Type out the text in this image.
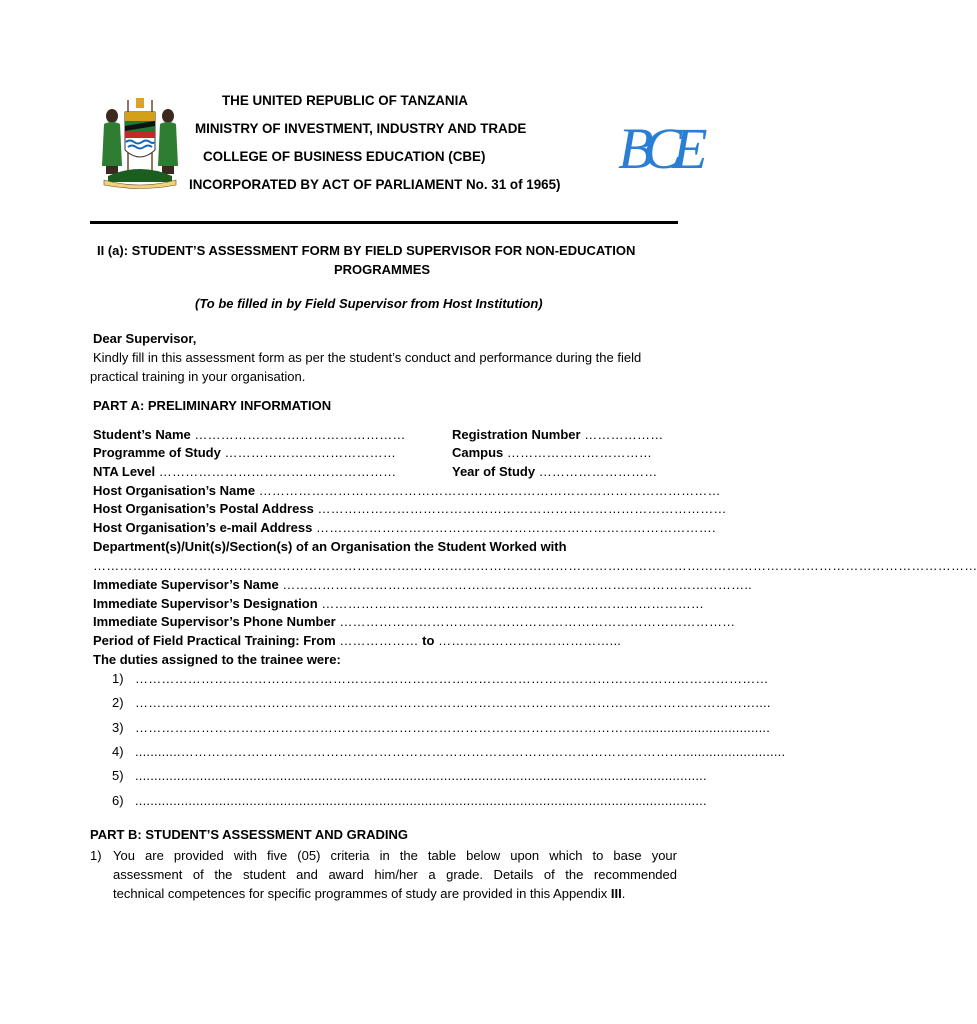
BCE
THE UNITED REPUBLIC OF TANZANIA
MINISTRY OF INVESTMENT, INDUSTRY AND TRADE
COLLEGE OF BUSINESS EDUCATION (CBE)
INCORPORATED BY ACT OF PARLIAMENT No. 31 of 1965)
II (a): STUDENT’S ASSESSMENT FORM BY FIELD SUPERVISOR FOR NON-EDUCATION
PROGRAMMES
(To be filled in by Field Supervisor from Host Institution)
Dear Supervisor,
Kindly fill in this assessment form as per the student’s conduct and performance during the field
practical training in your organisation.
PART A: PRELIMINARY INFORMATION
Student’s Name …………………………………………	Registration Number ………………
Programme of Study …………………………………	Campus ……………………………
NTA Level ………………………………………………	Year of Study ………………………
Host Organisation’s Name ……………………………………………………………………………………………
Host Organisation’s Postal Address …………………………………………………………………………………
Host Organisation’s e-mail Address ……………………………………………………………………………….
Department(s)/Unit(s)/Section(s) of an Organisation the Student Worked with
…………………………………………………………………………………………………………………………………………………………………………………
Immediate Supervisor’s Name ……………………………………………………………………………………………..
Immediate Supervisor’s Designation ……………………………………………………………………………
Immediate Supervisor’s Phone Number ………………………………………………………………………………
Period of Field Practical Training: From ……………… to …………………………………...
The duties assigned to the trainee were:
1) ………………………………………………………………………………………………………………………………
2) ……………………………………………………………………………………………………………………………....
3) ……………………………………………………………………………………………………...................................
4) ............……………………………………………………………………………………………………...........................
5) ......................................................................................................................................................
6) ......................................................................................................................................................
PART B: STUDENT’S ASSESSMENT AND GRADING
1) You are provided with five (05) criteria in the table below upon which to base your
assessment of the student and award him/her a grade. Details of the recommended
technical competences for specific programmes of study are provided in this Appendix III.
